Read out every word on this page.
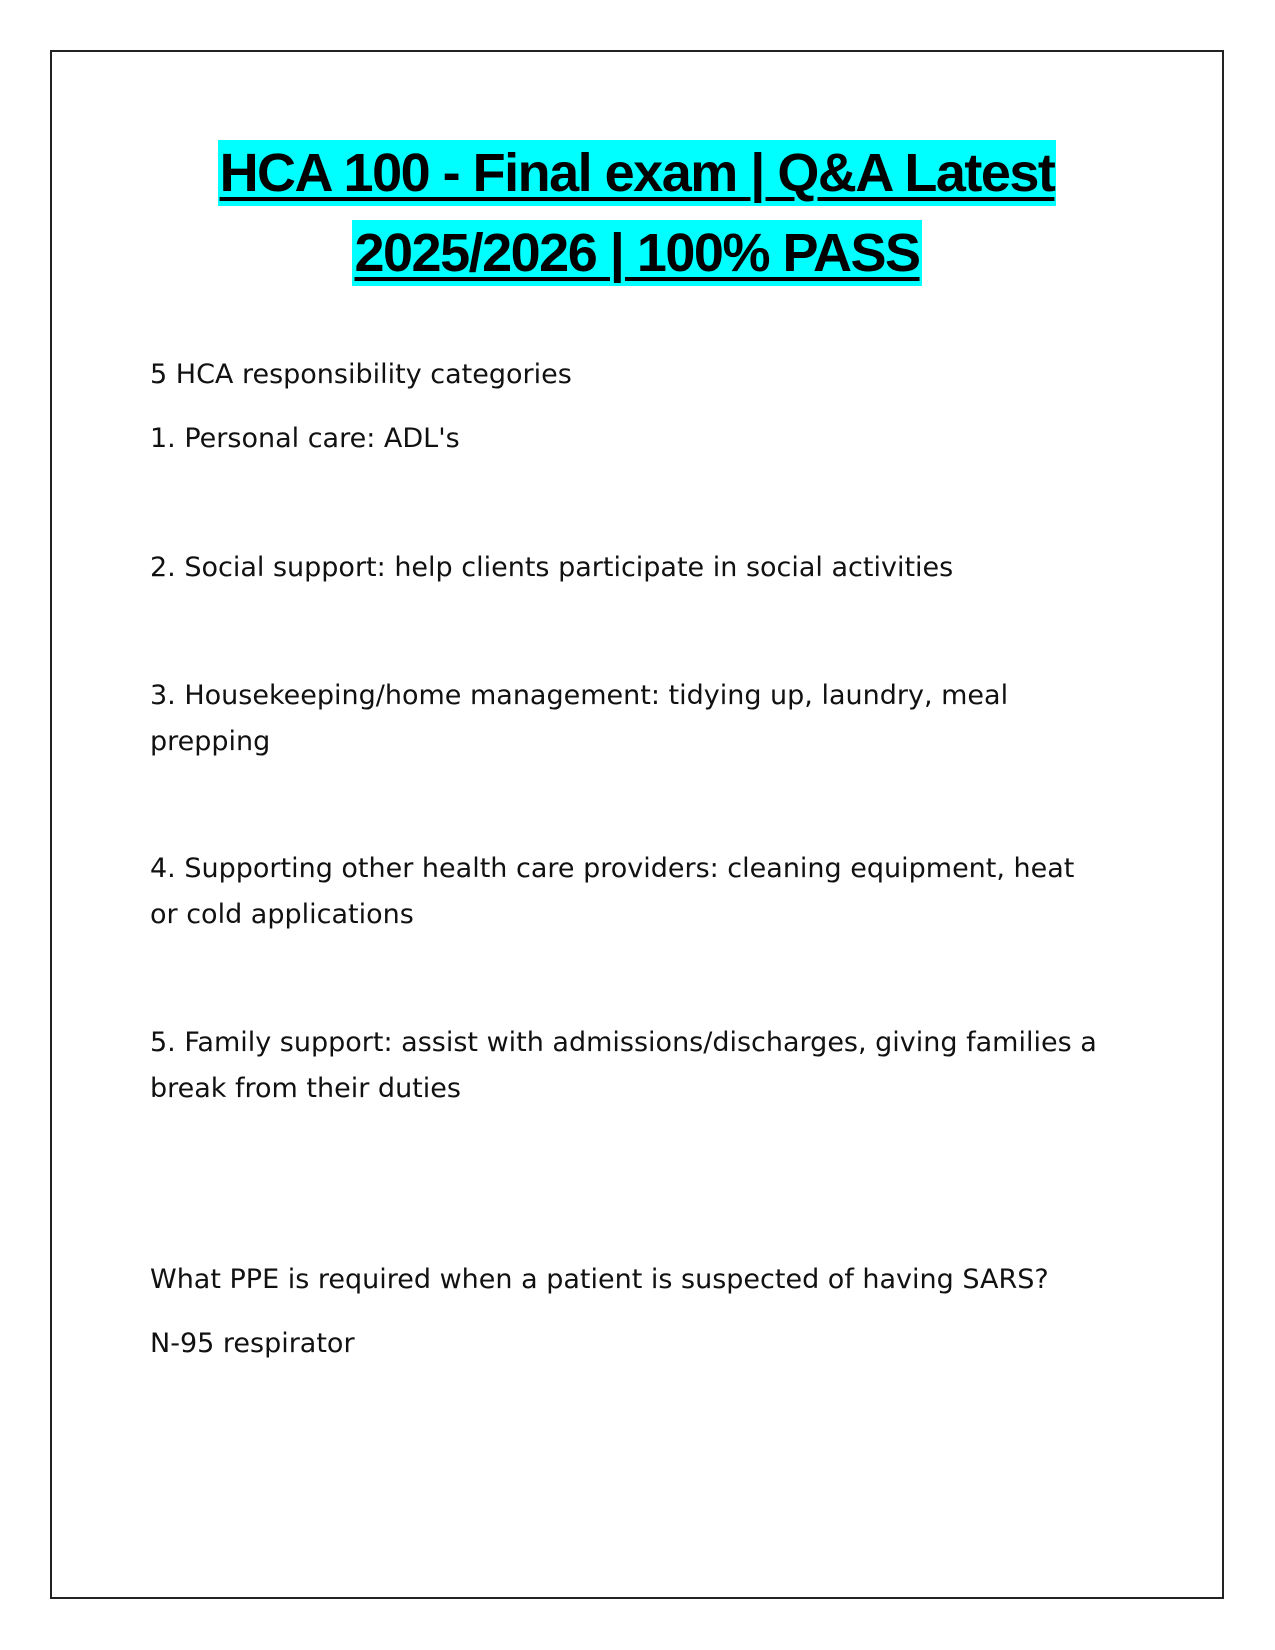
HCA 100 - Final exam | Q&A Latest
2025/2026 | 100% PASS

5 HCA responsibility categories

1. Personal care: ADL's

2. Social support: help clients participate in social activities

3. Housekeeping/home management: tidying up, laundry, meal prepping

4. Supporting other health care providers: cleaning equipment, heat or cold applications

5. Family support: assist with admissions/discharges, giving families a break from their duties

What PPE is required when a patient is suspected of having SARS?

N-95 respirator
